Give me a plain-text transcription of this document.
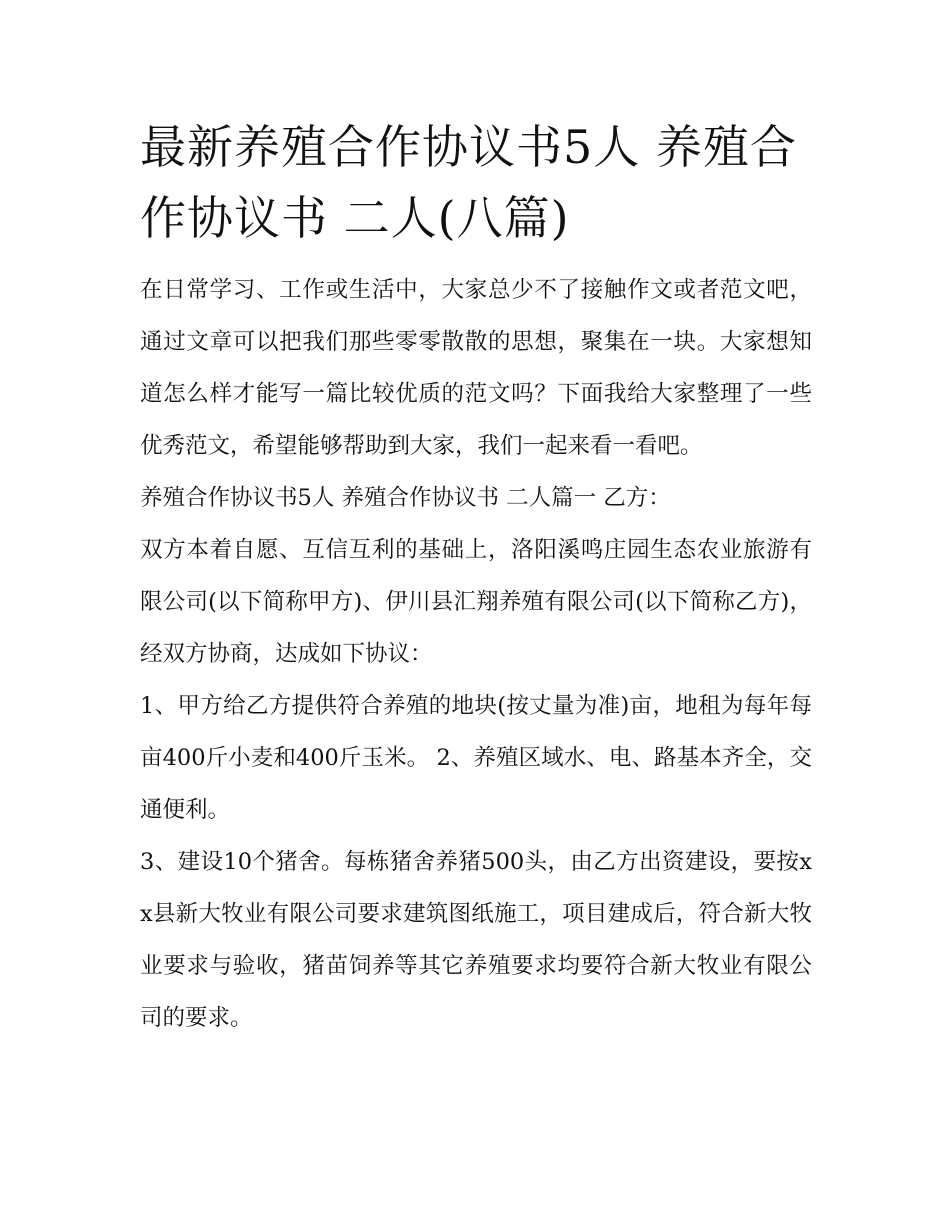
最新养殖合作协议书5人 养殖合作协议书 二人(八篇)

在日常学习、工作或生活中，大家总少不了接触作文或者范文吧，通过文章可以把我们那些零零散散的思想，聚集在一块。大家想知道怎么样才能写一篇比较优质的范文吗？下面我给大家整理了一些优秀范文，希望能够帮助到大家，我们一起来看一看吧。

养殖合作协议书5人 养殖合作协议书 二人篇一 乙方：

双方本着自愿、互信互利的基础上，洛阳溪鸣庄园生态农业旅游有限公司(以下简称甲方)、伊川县汇翔养殖有限公司(以下简称乙方)，经双方协商，达成如下协议：

1、甲方给乙方提供符合养殖的地块(按丈量为准)亩，地租为每年每亩400斤小麦和400斤玉米。 2、养殖区域水、电、路基本齐全，交通便利。

3、建设10个猪舍。每栋猪舍养猪500头，由乙方出资建设，要按xx县新大牧业有限公司要求建筑图纸施工，项目建成后，符合新大牧业要求与验收，猪苗饲养等其它养殖要求均要符合新大牧业有限公司的要求。
